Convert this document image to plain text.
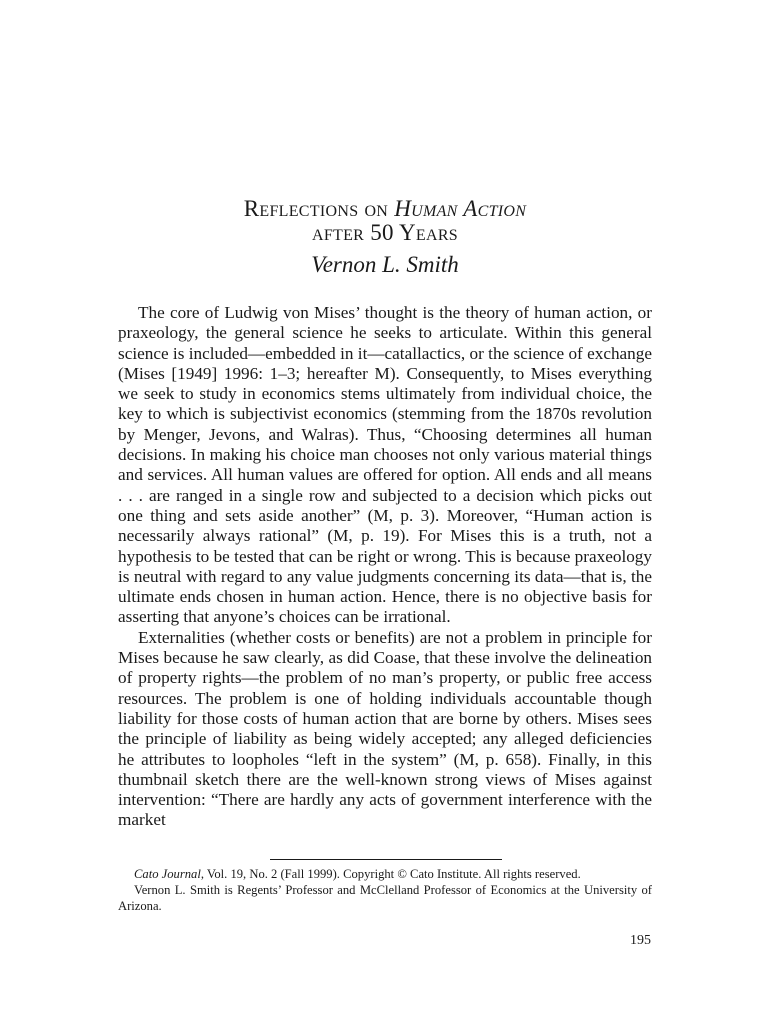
Reflections on Human Action
after 50 Years
Vernon L. Smith

The core of Ludwig von Mises’ thought is the theory of human action, or praxeology, the general science he seeks to articulate. Within this general science is included—embedded in it—catallactics, or the science of exchange (Mises [1949] 1996: 1–3; hereafter M). Consequently, to Mises everything we seek to study in economics stems ultimately from individual choice, the key to which is subjectivist economics (stemming from the 1870s revolution by Menger, Jevons, and Walras). Thus, “Choosing determines all human decisions. In making his choice man chooses not only various material things and services. All human values are offered for option. All ends and all means . . . are ranged in a single row and subjected to a decision which picks out one thing and sets aside another” (M, p. 3). Moreover, “Human action is necessarily always rational” (M, p. 19). For Mises this is a truth, not a hypothesis to be tested that can be right or wrong. This is because praxeology is neutral with regard to any value judgments concerning its data—that is, the ultimate ends chosen in human action. Hence, there is no objective basis for asserting that anyone’s choices can be irrational.

Externalities (whether costs or benefits) are not a problem in principle for Mises because he saw clearly, as did Coase, that these involve the delineation of property rights—the problem of no man’s property, or public free access resources. The problem is one of holding individuals accountable though liability for those costs of human action that are borne by others. Mises sees the principle of liability as being widely accepted; any alleged deficiencies he attributes to loopholes “left in the system” (M, p. 658). Finally, in this thumbnail sketch there are the well-known strong views of Mises against intervention: “There are hardly any acts of government interference with the market

Cato Journal, Vol. 19, No. 2 (Fall 1999). Copyright © Cato Institute. All rights reserved.

Vernon L. Smith is Regents’ Professor and McClelland Professor of Economics at the University of Arizona.

195
